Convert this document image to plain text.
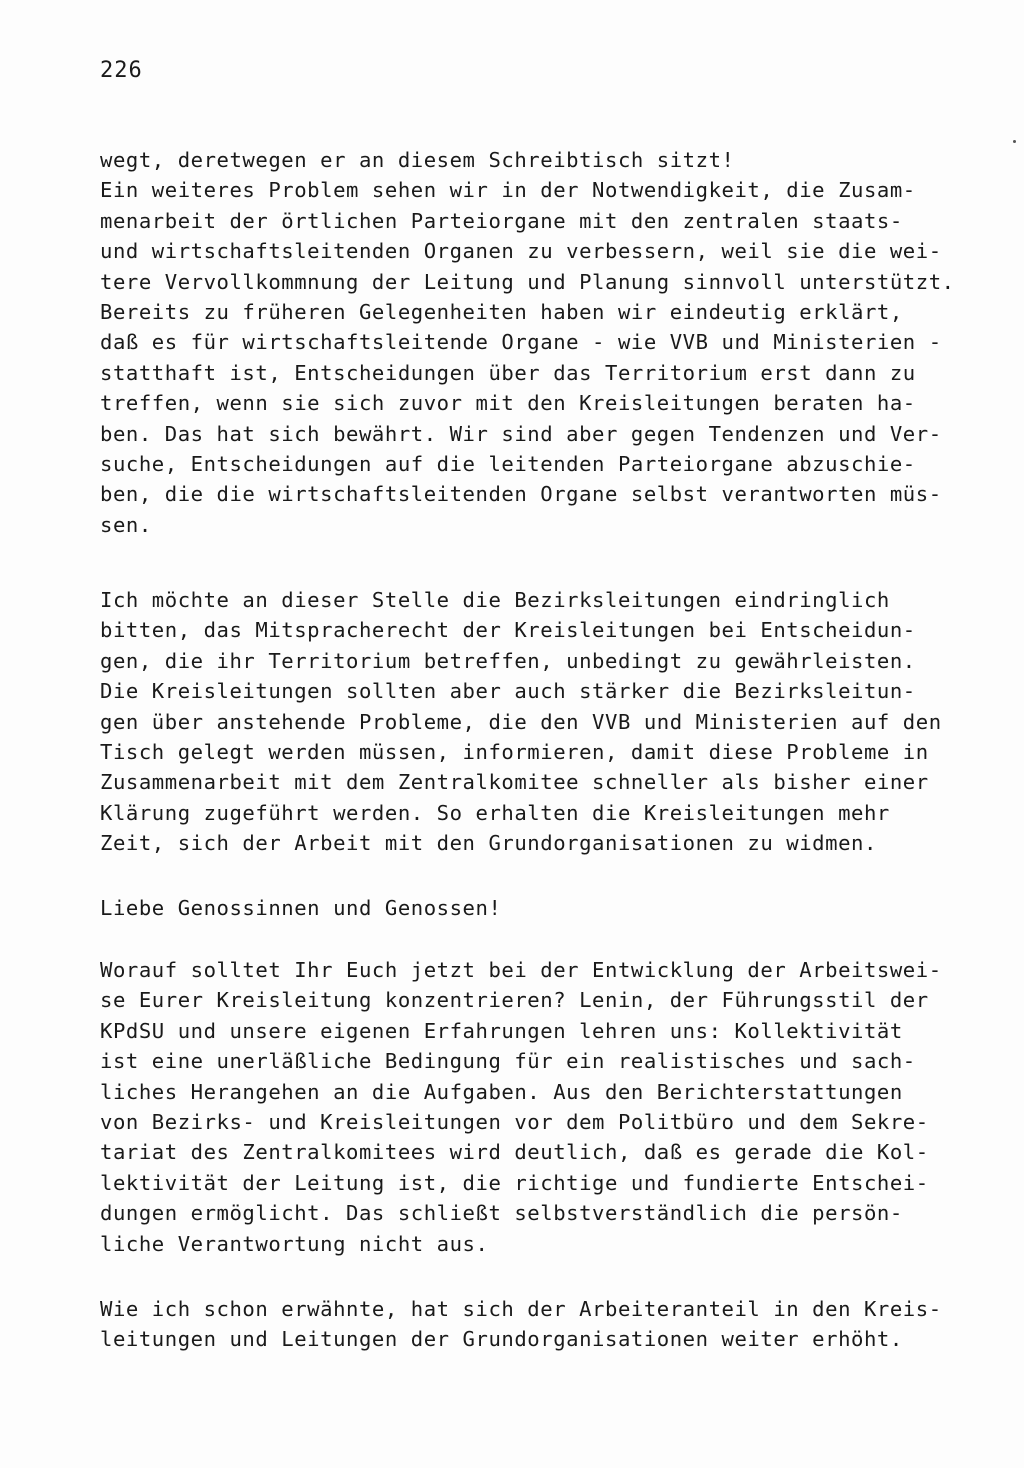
226
wegt, deretwegen er an diesem Schreibtisch sitzt!
Ein weiteres Problem sehen wir in der Notwendigkeit, die Zusam-
menarbeit der örtlichen Parteiorgane mit den zentralen staats-
und wirtschaftsleitenden Organen zu verbessern, weil sie die wei-
tere Vervollkommnung der Leitung und Planung sinnvoll unterstützt.
Bereits zu früheren Gelegenheiten haben wir eindeutig erklärt,
daß es für wirtschaftsleitende Organe - wie VVB und Ministerien -
statthaft ist, Entscheidungen über das Territorium erst dann zu
treffen, wenn sie sich zuvor mit den Kreisleitungen beraten ha-
ben. Das hat sich bewährt. Wir sind aber gegen Tendenzen und Ver-
suche, Entscheidungen auf die leitenden Parteiorgane abzuschie-
ben, die die wirtschaftsleitenden Organe selbst verantworten müs-
sen.
Ich möchte an dieser Stelle die Bezirksleitungen eindringlich
bitten, das Mitspracherecht der Kreisleitungen bei Entscheidun-
gen, die ihr Territorium betreffen, unbedingt zu gewährleisten.
Die Kreisleitungen sollten aber auch stärker die Bezirksleitun-
gen über anstehende Probleme, die den VVB und Ministerien auf den
Tisch gelegt werden müssen, informieren, damit diese Probleme in
Zusammenarbeit mit dem Zentralkomitee schneller als bisher einer
Klärung zugeführt werden. So erhalten die Kreisleitungen mehr
Zeit, sich der Arbeit mit den Grundorganisationen zu widmen.
Liebe Genossinnen und Genossen!
Worauf solltet Ihr Euch jetzt bei der Entwicklung der Arbeitswei-
se Eurer Kreisleitung konzentrieren? Lenin, der Führungsstil der
KPdSU und unsere eigenen Erfahrungen lehren uns: Kollektivität
ist eine unerläßliche Bedingung für ein realistisches und sach-
liches Herangehen an die Aufgaben. Aus den Berichterstattungen
von Bezirks- und Kreisleitungen vor dem Politbüro und dem Sekre-
tariat des Zentralkomitees wird deutlich, daß es gerade die Kol-
lektivität der Leitung ist, die richtige und fundierte Entschei-
dungen ermöglicht. Das schließt selbstverständlich die persön-
liche Verantwortung nicht aus.
Wie ich schon erwähnte, hat sich der Arbeiteranteil in den Kreis-
leitungen und Leitungen der Grundorganisationen weiter erhöht.
